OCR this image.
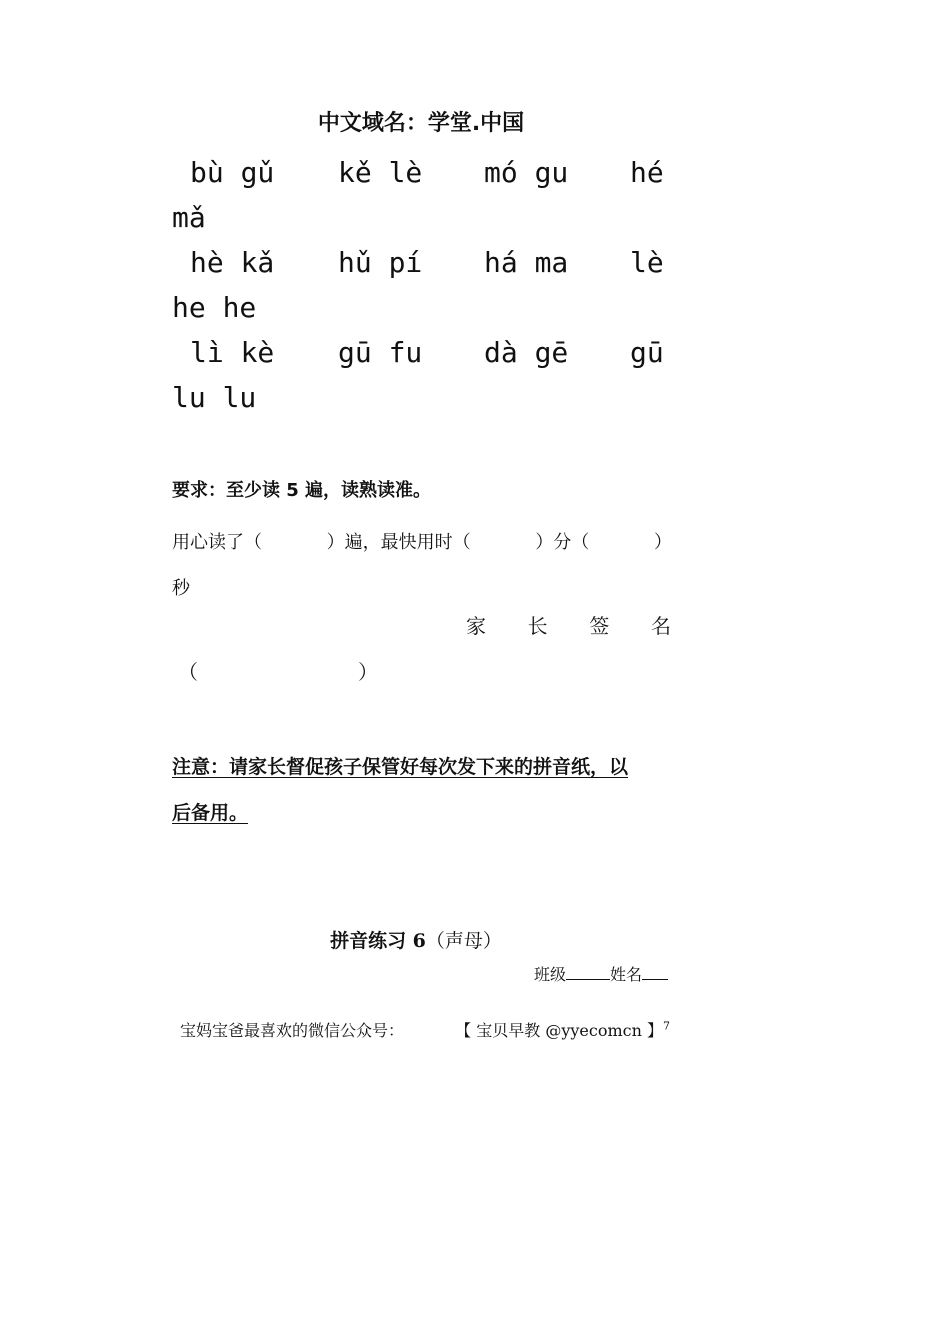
中文域名：学堂.中国
bù gǔ	kě lè	mó gu	hé
mǎ
hè kǎ	hǔ pí	há ma	lè
he he
lì kè	gū fu	dà gē	gū
lu lu
要求：至少读 5 遍，读熟读准。
用心读了（	）遍，最快用时（	）分（	）
秒
家 长 签 名
（	）
注意：请家长督促孩子保管好每次发下来的拼音纸，以
后备用。
拼音练习 6（声母）
班级	姓名
宝妈宝爸最喜欢的微信公众号：	【 宝贝早教 @yyecomcn 】$^7$
